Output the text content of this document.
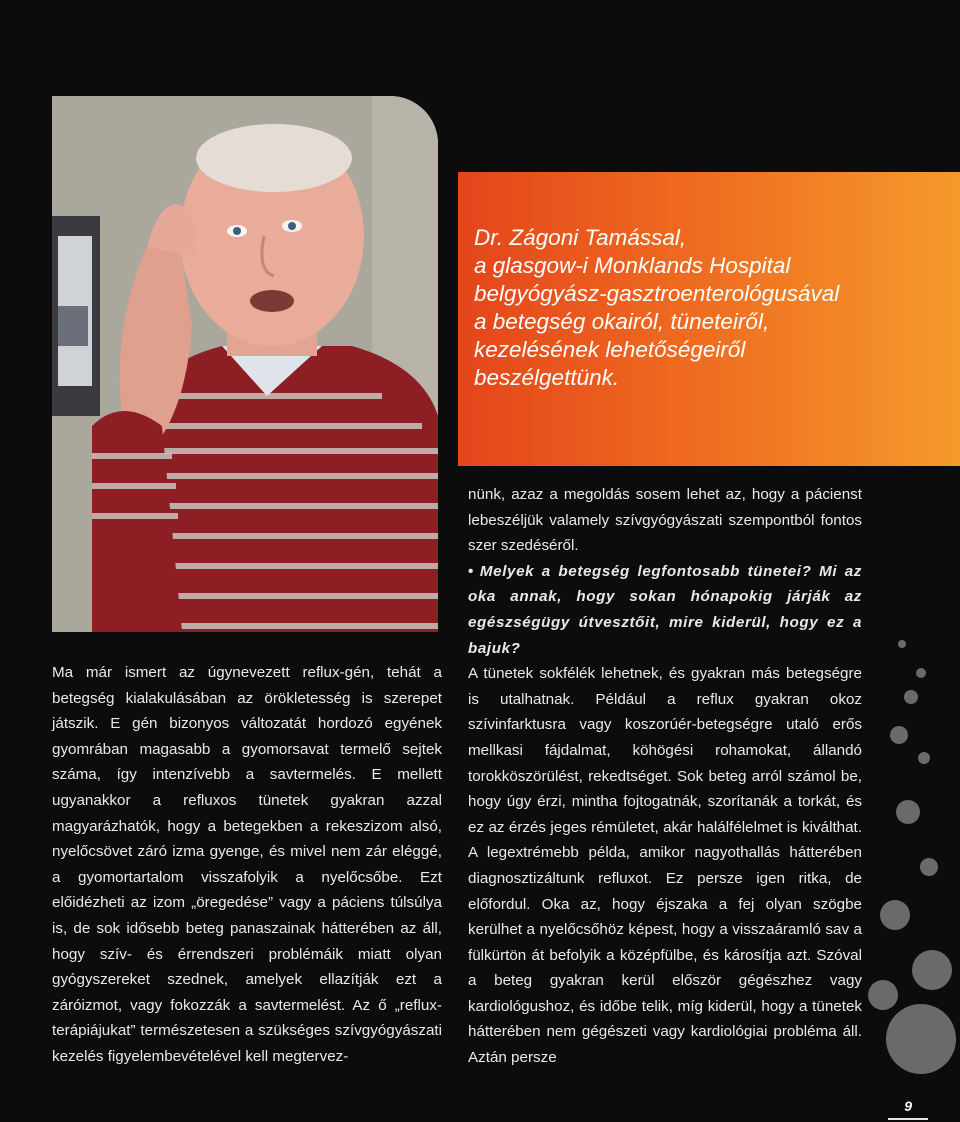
Dr. Zágoni Tamással,
a glasgow-i Monklands Hospital
belgyógyász-gasztroenterológusával
a betegség okairól, tüneteiről,
kezelésének lehetőségeiről
beszélgettünk.

Ma már ismert az úgynevezett reflux-gén, tehát a betegség kialakulásában az örökletesség is szerepet játszik. E gén bizonyos változatát hordozó egyének gyomrában magasabb a gyomorsavat termelő sejtek száma, így intenzívebb a savtermelés. E mellett ugyanakkor a refluxos tünetek gyakran azzal magyarázhatók, hogy a betegekben a rekeszizom alsó, nyelőcsövet záró izma gyenge, és mivel nem zár eléggé, a gyomortartalom visszafolyik a nyelőcsőbe. Ezt előidézheti az izom „öregedése” vagy a páciens túlsúlya is, de sok idősebb beteg panaszainak hátterében az áll, hogy szív- és érrendszeri problémáik miatt olyan gyógyszereket szednek, amelyek ellazítják ezt a záróizmot, vagy fokozzák a savtermelést. Az ő „reflux-terápiájukat” természetesen a szükséges szívgyógyászati kezelés figyelembevételével kell megtervez-

nünk, azaz a megoldás sosem lehet az, hogy a pácienst lebeszéljük valamely szívgyógyászati szempontból fontos szer szedéséről.

• Melyek a betegség legfontosabb tünetei? Mi az oka annak, hogy sokan hónapokig járják az egészségügy útvesztőit, mire kiderül, hogy ez a bajuk?

A tünetek sokfélék lehetnek, és gyakran más betegségre is utalhatnak. Például a reflux gyakran okoz szívinfarktusra vagy koszorúér-betegségre utaló erős mellkasi fájdalmat, köhögési rohamokat, állandó torokköszörülést, rekedtséget. Sok beteg arról számol be, hogy úgy érzi, mintha fojtogatnák, szorítanák a torkát, és ez az érzés jeges rémületet, akár halálfélelmet is kiválthat. A legextrémebb példa, amikor nagyothallás hátterében diagnosztizáltunk refluxot. Ez persze igen ritka, de előfordul. Oka az, hogy éjszaka a fej olyan szögbe kerülhet a nyelőcsőhöz képest, hogy a visszaáramló sav a fülkürtön át befolyik a középfülbe, és károsítja azt. Szóval a beteg gyakran kerül először gégészhez vagy kardiológushoz, és időbe telik, míg kiderül, hogy a tünetek hátterében nem gégészeti vagy kardiológiai probléma áll. Aztán persze

9
